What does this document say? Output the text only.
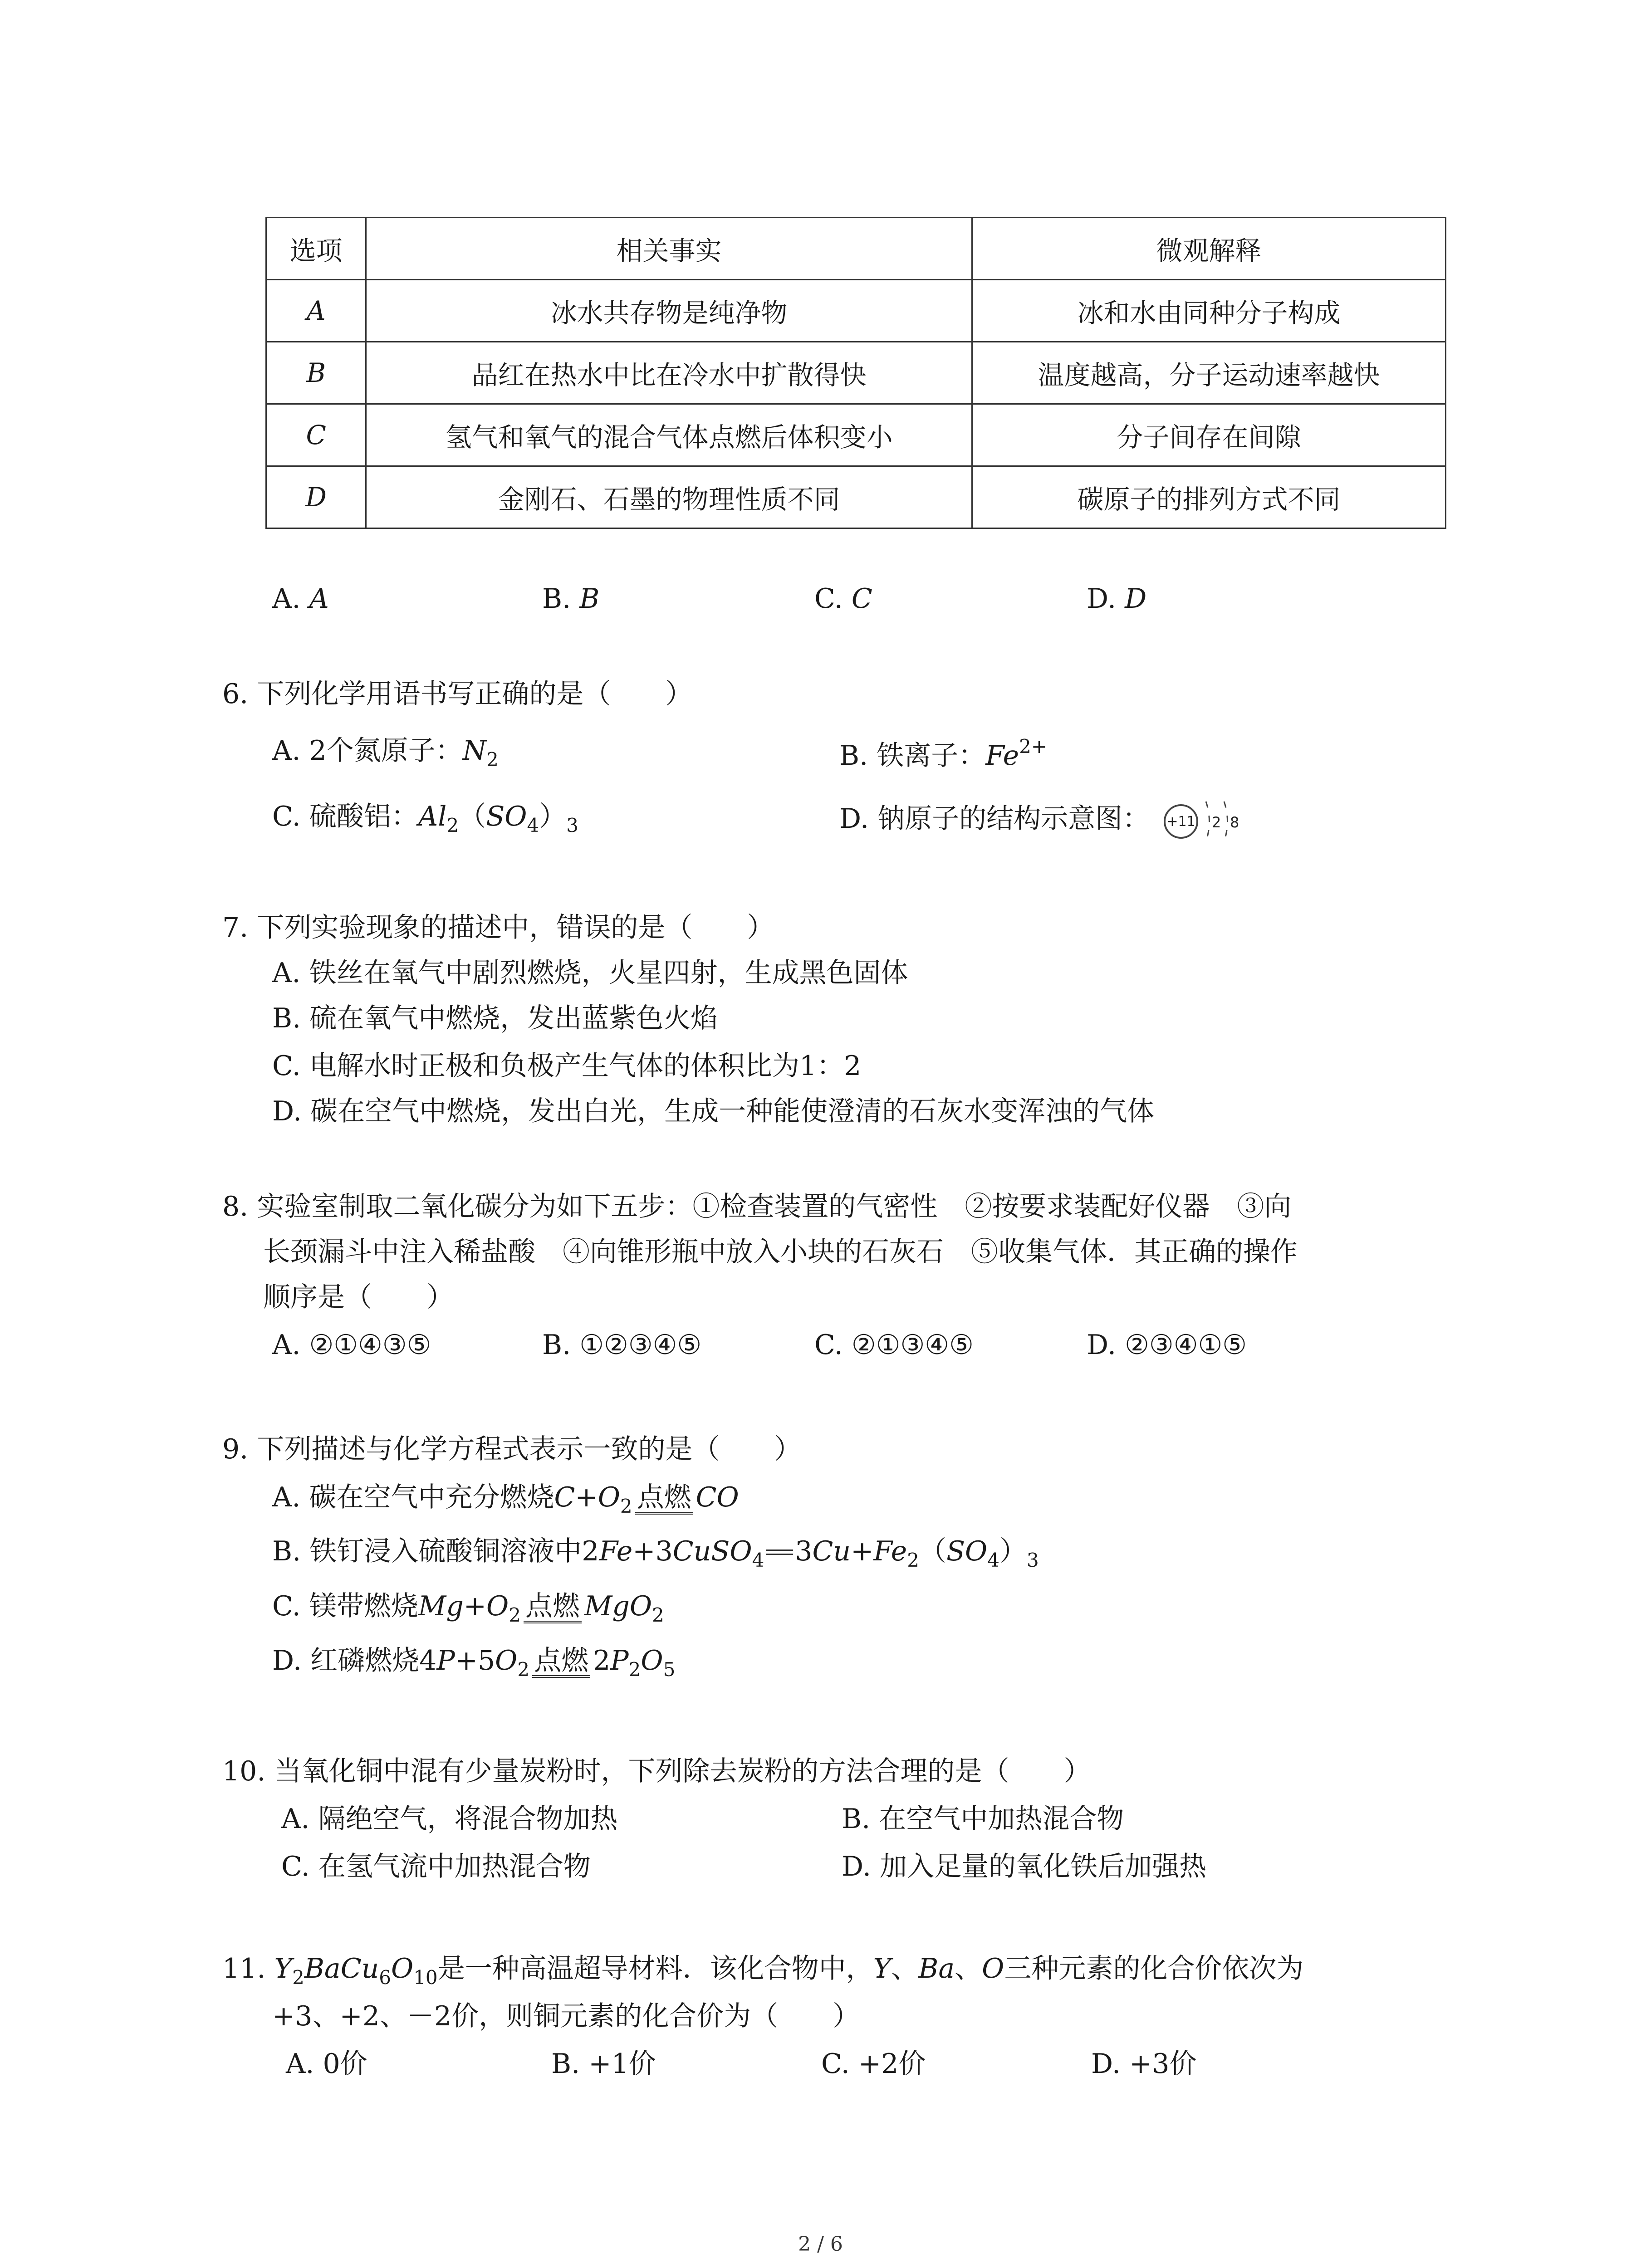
选项	相关事实	微观解释
A	冰水共存物是纯净物	冰和水由同种分子构成
B	品红在热水中比在冷水中扩散得快	温度越高，分子运动速率越快
C	氢气和氧气的混合气体点燃后体积变小	分子间存在间隙
D	金刚石、石墨的物理性质不同	碳原子的排列方式不同
A. A	B. B	C. C	D. D
6. 下列化学用语书写正确的是（　　）
A. 2个氮原子：$N_2$	B. 铁离子：$Fe^{2+}$
C. 硫酸铝：$Al_2(SO_4)_3$	D. 钠原子的结构示意图： +11 2 8
7. 下列实验现象的描述中，错误的是（　　）
A. 铁丝在氧气中剧烈燃烧，火星四射，生成黑色固体
B. 硫在氧气中燃烧，发出蓝紫色火焰
C. 电解水时正极和负极产生气体的体积比为1：2
D. 碳在空气中燃烧，发出白光，生成一种能使澄清的石灰水变浑浊的气体
8. 实验室制取二氧化碳分为如下五步：①检查装置的气密性　②按要求装配好仪器　③向
长颈漏斗中注入稀盐酸　④向锥形瓶中放入小块的石灰石　⑤收集气体．其正确的操作
顺序是（　　）
A. ②①④③⑤	B. ①②③④⑤	C. ②①③④⑤	D. ②③④①⑤
9. 下列描述与化学方程式表示一致的是（　　）
A. 碳在空气中充分燃烧$C+O_2$ 点燃 CO
B. 铁钉浸入硫酸铜溶液中2Fe+3CuSO$_4$ $3Cu+Fe_2(SO_4)_3$
C. 镁带燃烧$Mg+O_2$ 点燃 MgO$_2$
D. 红磷燃烧$4P+5O_2$ 点燃 $2P_2O_5$
10. 当氧化铜中混有少量炭粉时，下列除去炭粉的方法合理的是（　　）
A. 隔绝空气，将混合物加热	B. 在空气中加热混合物
C. 在氢气流中加热混合物	D. 加入足量的氧化铁后加强热
11. $Y_2BaCu_6O_{10}$是一种高温超导材料．该化合物中，Y、Ba、O三种元素的化合价依次为
+3、+2、－2价，则铜元素的化合价为（　　）
A. 0价	B. +1价	C. +2价	D. +3价
2 / 6
